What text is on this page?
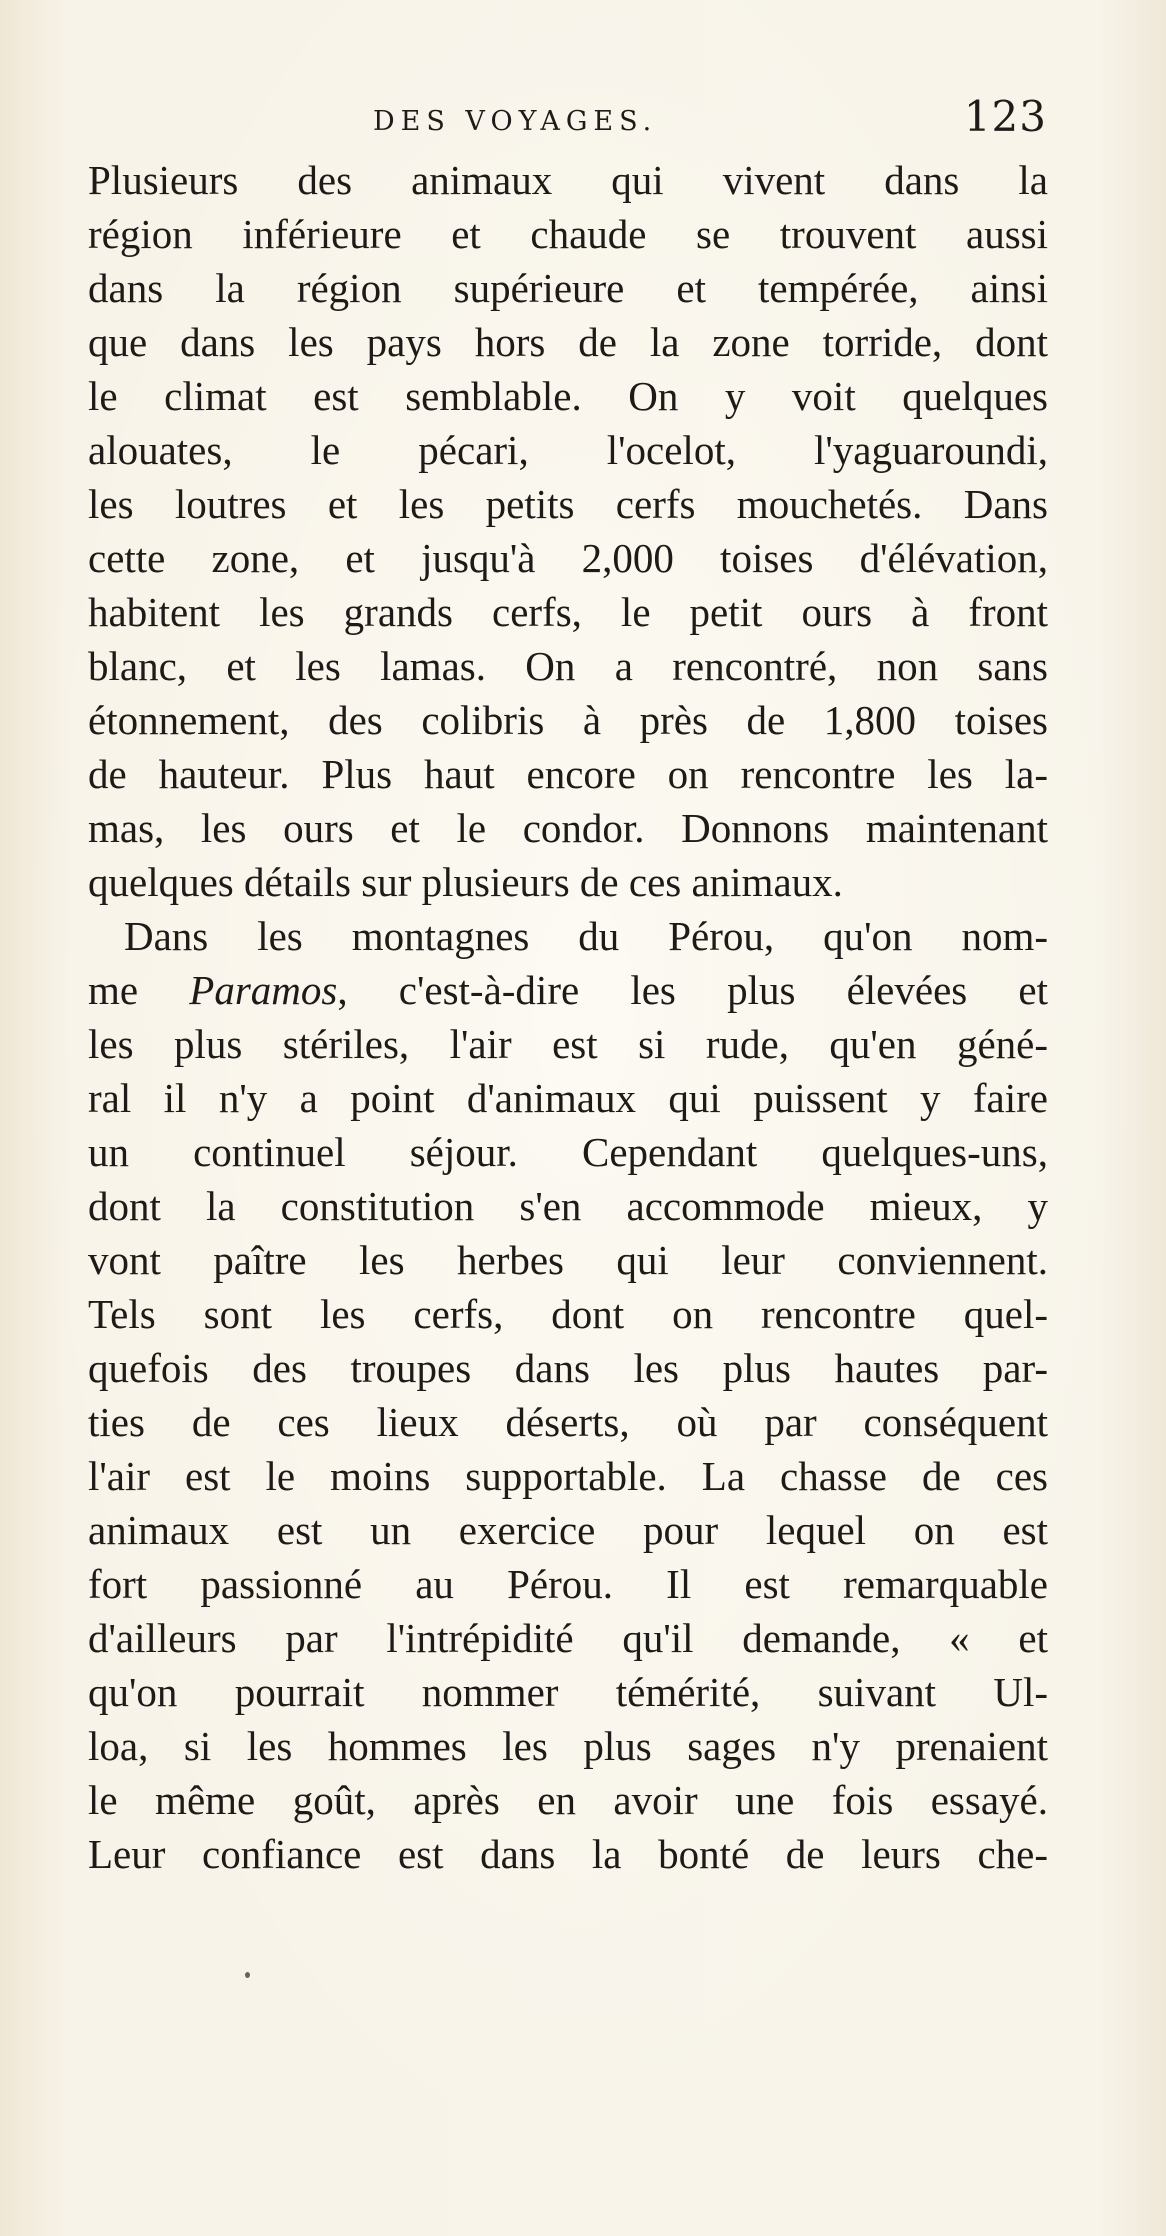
DES VOYAGES.	123
Plusieurs des animaux qui vivent dans la
région inférieure et chaude se trouvent aussi
dans la région supérieure et tempérée, ainsi
que dans les pays hors de la zone torride, dont
le climat est semblable. On y voit quelques
alouates, le pécari, l'ocelot, l'yaguaroundi,
les loutres et les petits cerfs mouchetés. Dans
cette zone, et jusqu'à 2,000 toises d'élévation,
habitent les grands cerfs, le petit ours à front
blanc, et les lamas. On a rencontré, non sans
étonnement, des colibris à près de 1,800 toises
de hauteur. Plus haut encore on rencontre les la-
mas, les ours et le condor. Donnons maintenant
quelques détails sur plusieurs de ces animaux.
Dans les montagnes du Pérou, qu'on nom-
me Paramos, c'est-à-dire les plus élevées et
les plus stériles, l'air est si rude, qu'en géné-
ral il n'y a point d'animaux qui puissent y faire
un continuel séjour. Cependant quelques-uns,
dont la constitution s'en accommode mieux, y
vont paître les herbes qui leur conviennent.
Tels sont les cerfs, dont on rencontre quel-
quefois des troupes dans les plus hautes par-
ties de ces lieux déserts, où par conséquent
l'air est le moins supportable. La chasse de ces
animaux est un exercice pour lequel on est
fort passionné au Pérou. Il est remarquable
d'ailleurs par l'intrépidité qu'il demande, « et
qu'on pourrait nommer témérité, suivant Ul-
loa, si les hommes les plus sages n'y prenaient
le même goût, après en avoir une fois essayé.
Leur confiance est dans la bonté de leurs che-
